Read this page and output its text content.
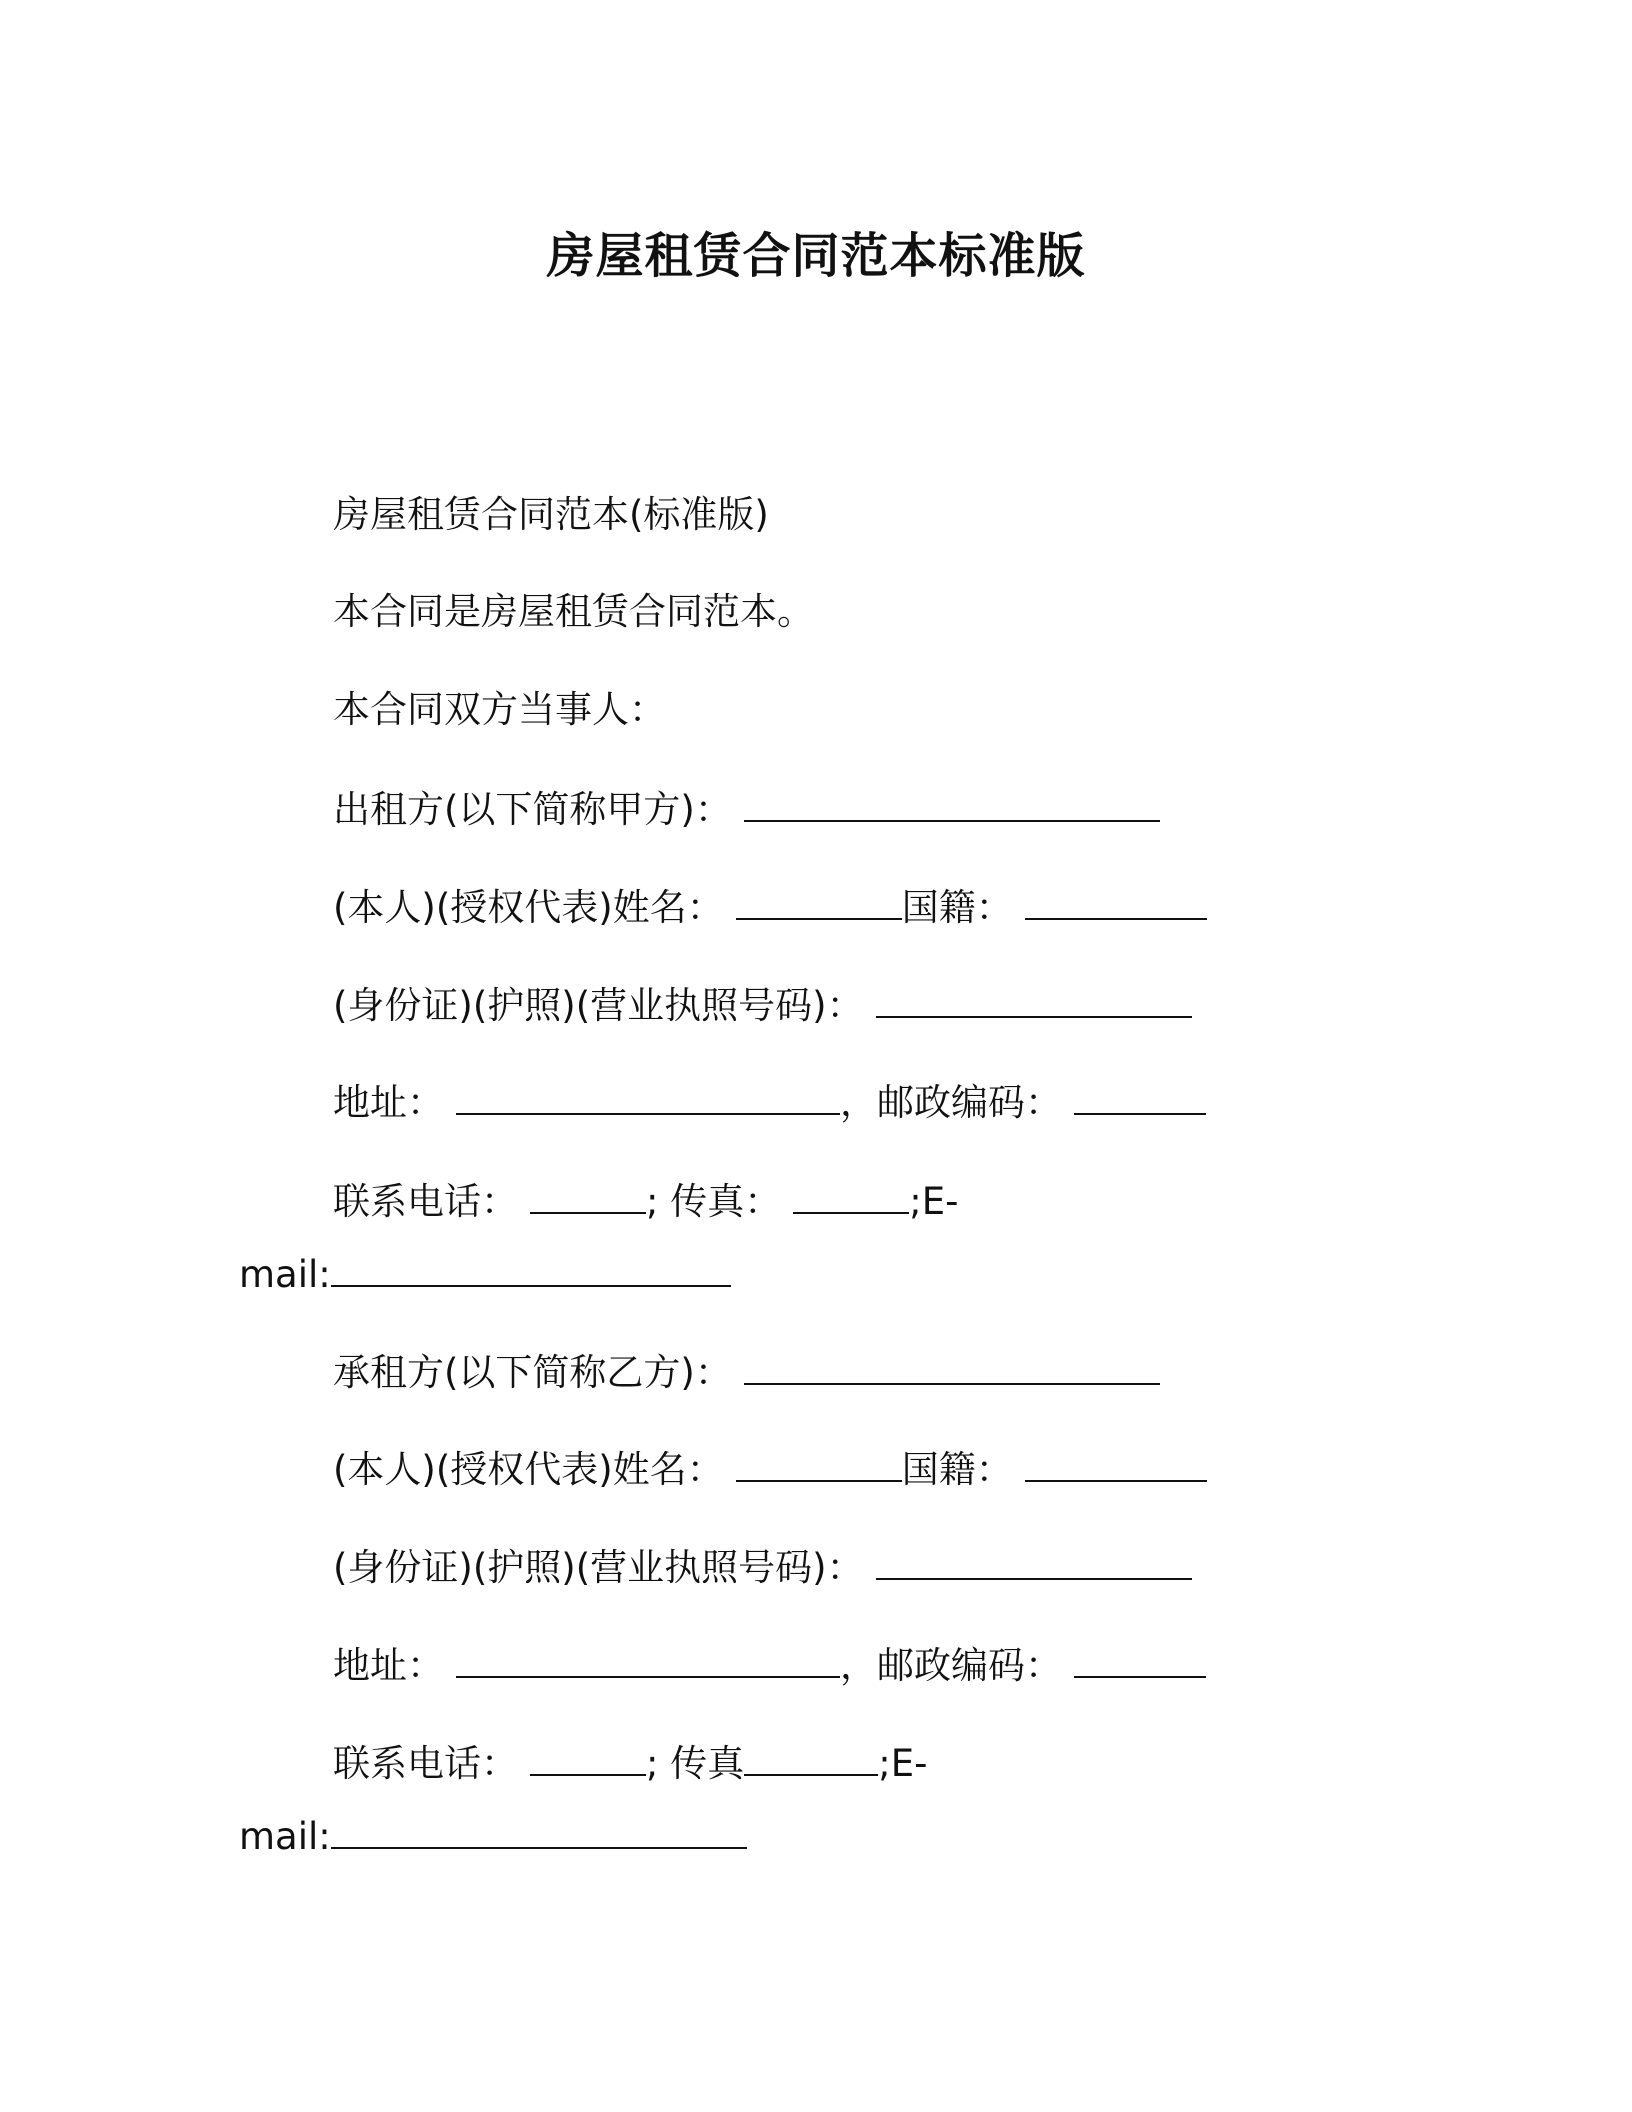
房屋租赁合同范本标准版
房屋租赁合同范本(标准版)
本合同是房屋租赁合同范本。
本合同双方当事人：
出租方(以下简称甲方)：
(本人)(授权代表)姓名：	国籍：
(身份证)(护照)(营业执照号码)：
地址：	，邮政编码：
联系电话：	; 传真：	;E-
mail:
承租方(以下简称乙方)：
(本人)(授权代表)姓名：	国籍：
(身份证)(护照)(营业执照号码)：
地址：	，邮政编码：
联系电话：	; 传真	;E-
mail:
